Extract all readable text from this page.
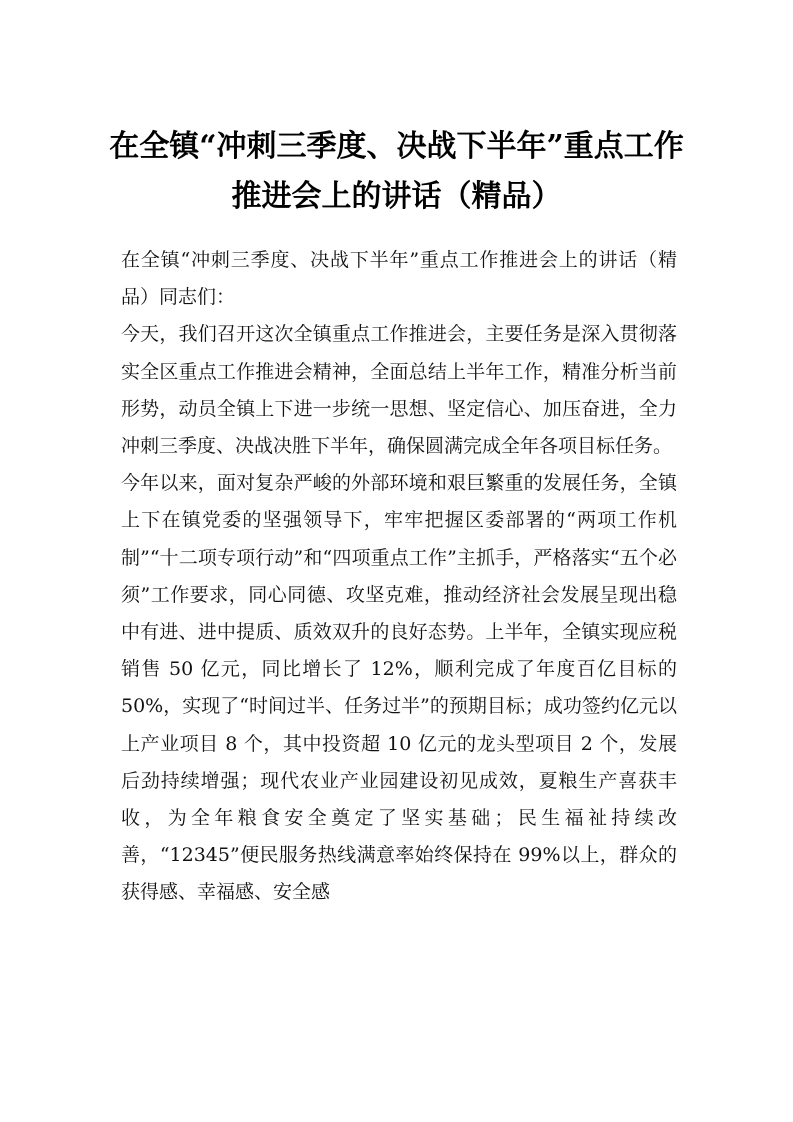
在全镇“冲刺三季度、决战下半年”重点工作推进会上的讲话（精品）

在全镇“冲刺三季度、决战下半年”重点工作推进会上的讲话（精品）同志们：

今天，我们召开这次全镇重点工作推进会，主要任务是深入贯彻落实全区重点工作推进会精神，全面总结上半年工作，精准分析当前形势，动员全镇上下进一步统一思想、坚定信心、加压奋进，全力冲刺三季度、决战决胜下半年，确保圆满完成全年各项目标任务。

今年以来，面对复杂严峻的外部环境和艰巨繁重的发展任务，全镇上下在镇党委的坚强领导下，牢牢把握区委部署的“两项工作机制”“十二项专项行动”和“四项重点工作”主抓手，严格落实“五个必须”工作要求，同心同德、攻坚克难，推动经济社会发展呈现出稳中有进、进中提质、质效双升的良好态势。上半年，全镇实现应税销售 50 亿元，同比增长了 12%，顺利完成了年度百亿目标的 50%，实现了“时间过半、任务过半”的预期目标；成功签约亿元以上产业项目 8 个，其中投资超 10 亿元的龙头型项目 2 个，发展后劲持续增强；现代农业产业园建设初见成效，夏粮生产喜获丰收，为全年粮食安全奠定了坚实基础；民生福祉持续改善，“12345”便民服务热线满意率始终保持在 99%以上，群众的获得感、幸福感、安全感
